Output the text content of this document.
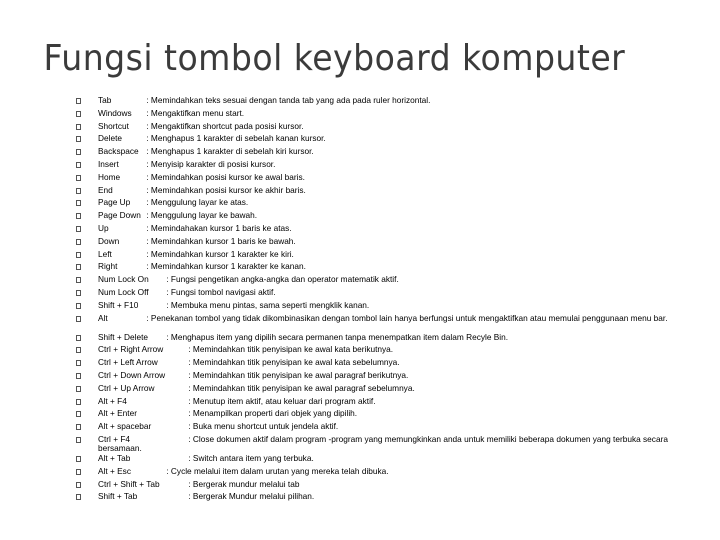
Fungsi tombol keyboard komputer
Tab	: Memindahkan teks sesuai dengan tanda tab yang ada pada ruler horizontal.
Windows : Mengaktifkan menu start.
Shortcut : Mengaktifkan shortcut pada posisi kursor.
Delete	: Menghapus 1 karakter di sebelah kanan kursor.
Backspace : Menghapus 1 karakter di sebelah kiri kursor.
Insert	: Menyisip karakter di posisi kursor.
Home	: Memindahkan posisi kursor ke awal baris.
End	: Memindahkan posisi kursor ke akhir baris.
Page Up : Menggulung layar ke atas.
Page Down : Menggulung layar ke bawah.
Up	: Memindahakan kursor 1 baris ke atas.
Down	: Memindahkan kursor 1 baris ke bawah.
Left	: Memindahkan kursor 1 karakter ke kiri.
Right	: Memindahkan kursor 1 karakter ke kanan.
Num Lock On : Fungsi pengetikan angka-angka dan operator matematik aktif.
Num Lock Off : Fungsi tombol navigasi aktif.
Shift + F10	: Membuka menu pintas, sama seperti mengklik kanan.
Alt	: Penekanan tombol yang tidak dikombinasikan dengan tombol lain hanya berfungsi untuk mengaktifkan atau memulai penggunaan menu bar.
Shift + Delete : Menghapus item yang dipilih secara permanen tanpa menempatkan item dalam Recyle Bin.
Ctrl + Right Arrow	: Memindahkan titik penyisipan ke awal kata berikutnya.
Ctrl + Left Arrow	: Memindahkan titik penyisipan ke awal kata sebelumnya.
Ctrl + Down Arrow	: Memindahkan titik penyisipan ke awal paragraf berikutnya.
Ctrl + Up Arrow	: Memindahkan titik penyisipan ke awal paragraf sebelumnya.
Alt + F4	: Menutup item aktif, atau keluar dari program aktif.
Alt + Enter	: Menampilkan properti dari objek yang dipilih.
Alt + spacebar	: Buka menu shortcut untuk jendela aktif.
Ctrl + F4	: Close dokumen aktif dalam program -program yang memungkinkan anda untuk memiliki beberapa dokumen yang terbuka secara bersamaan.
Alt + Tab	: Switch antara item yang terbuka.
Alt + Esc	: Cycle melalui item dalam urutan yang mereka telah dibuka.
Ctrl + Shift + Tab	: Bergerak mundur melalui tab
Shift + Tab	: Bergerak Mundur melalui pilihan.
